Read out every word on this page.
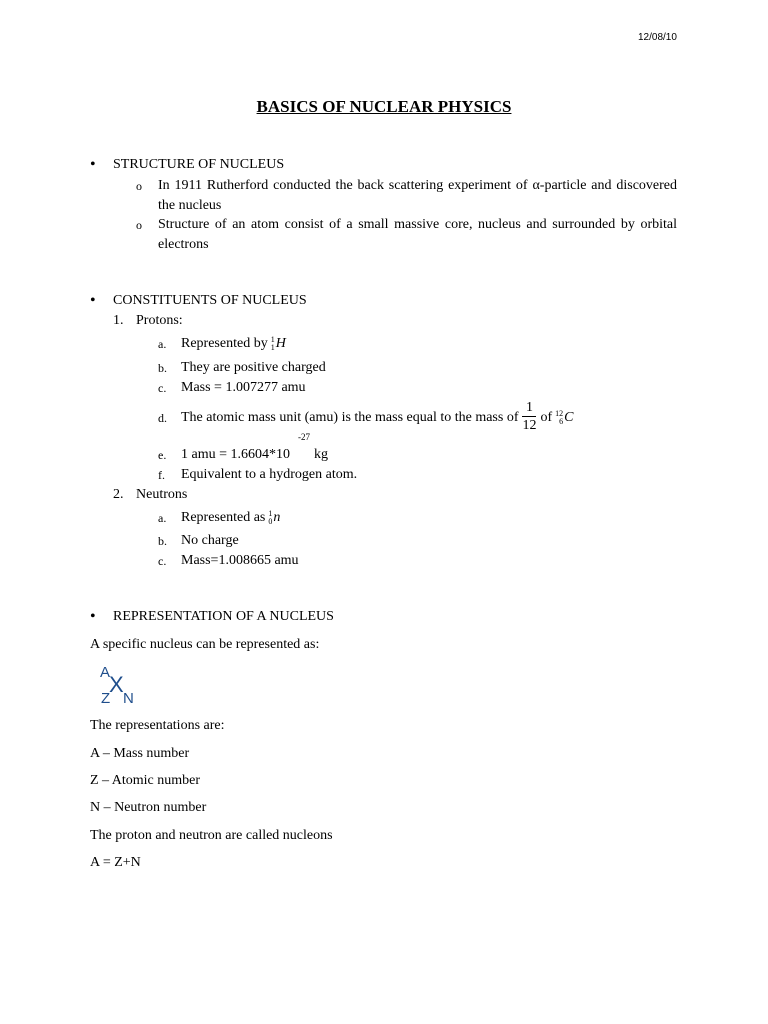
12/08/10
BASICS OF NUCLEAR PHYSICS
• STRUCTURE OF NUCLEUS
o In 1911 Rutherford conducted the back scattering experiment of α-particle and discovered the nucleus
o Structure of an atom consist of a small massive core, nucleus and surrounded by orbital electrons
• CONSTITUENTS OF NUCLEUS
1. Protons:
a. Represented by 1
1 H
b. They are positive charged
c. Mass = 1.007277 amu
d. The atomic mass unit (amu) is the mass equal to the mass of $\frac{1}{12}$ of 12
6 C
e. 1 amu = 1.6604*10
-27
kg
f. Equivalent to a hydrogen atom.
2. Neutrons
a. Represented as 1
0 n
b. No charge
c. Mass=1.008665 amu
• REPRESENTATION OF A NUCLEUS
A specific nucleus can be represented as:
A
X
Z N
The representations are:
A – Mass number
Z – Atomic number
N – Neutron number
The proton and neutron are called nucleons
A = Z+N
